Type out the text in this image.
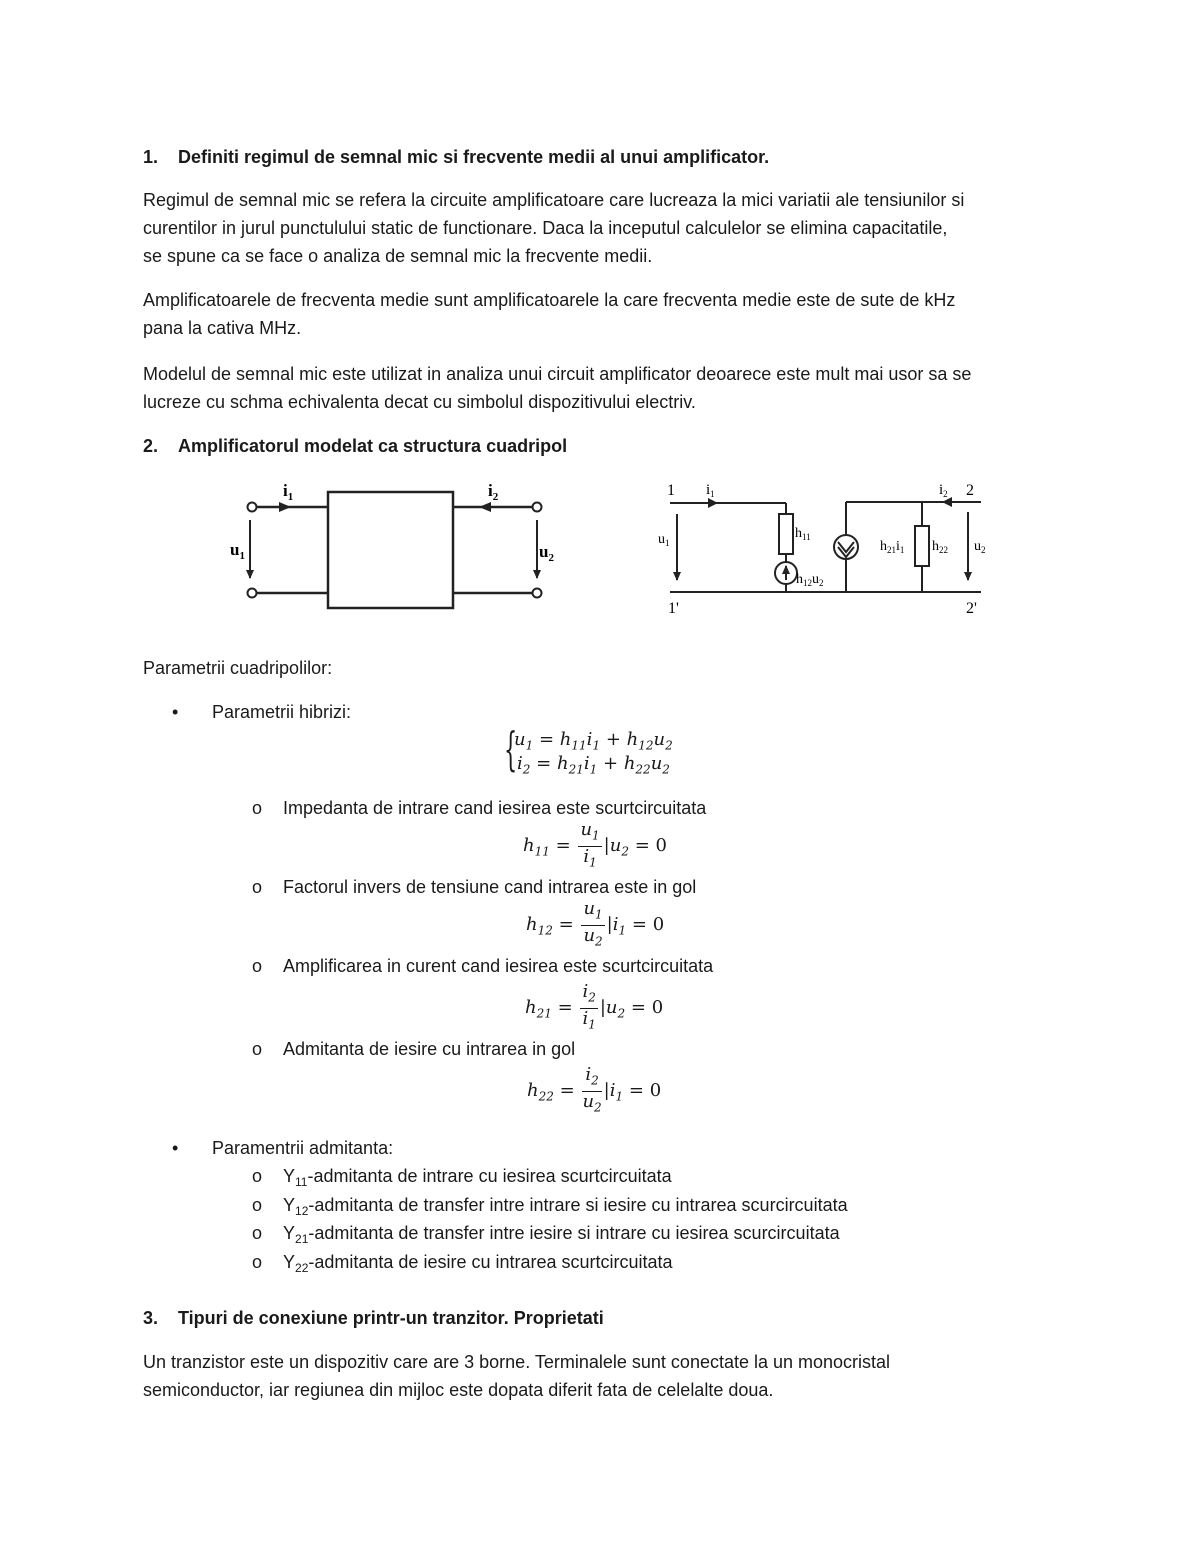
1. Definiti regimul de semnal mic si frecvente medii al unui amplificator.
Regimul de semnal mic se refera la circuite amplificatoare care lucreaza la mici variatii ale tensiunilor si
curentilor in jurul punctulului static de functionare. Daca la inceputul calculelor se elimina capacitatile,
se spune ca se face o analiza de semnal mic la frecvente medii.
Amplificatoarele de frecventa medie sunt amplificatoarele la care frecventa medie este de sute de kHz
pana la cativa MHz.
Modelul de semnal mic este utilizat in analiza unui circuit amplificator deoarece este mult mai usor sa se
lucreze cu schma echivalenta decat cu simbolul dispozitivului electriv.
2. Amplificatorul modelat ca structura cuadripol
$i_1$	$i_2$
$u_1$	$u_2$
1
1'
2
2'
$i_1$	$i_2$
$u_1$	$u_2$
$h_{11}$
$h_{12}u_2$
$h_{21}i_1$ $h_{22}$
Parametrii cuadripolilor:
• Parametrii hibrizi:
{
$u_1 = h_{11}i_1 + h_{12}u_2$
$i_2 = h_{21}i_1 + h_{22}u_2$
o Impedanta de intrare cand iesirea este scurtcircuitata
$h_{11} = \frac{u_1}{i_1} |u_2 = 0$
o Factorul invers de tensiune cand intrarea este in gol
$h_{12} = \frac{u_1}{u_2} |i_1 = 0$
o Amplificarea in curent cand iesirea este scurtcircuitata
$h_{21} = \frac{i_2}{i_1} |u_2 = 0$
o Admitanta de iesire cu intrarea in gol
$h_{22} = \frac{i_2}{u_2} |i_1 = 0$
• Paramentrii admitanta:
o $Y_{11}$-admitanta de intrare cu iesirea scurtcircuitata
o $Y_{12}$-admitanta de transfer intre intrare si iesire cu intrarea scurcircuitata
o $Y_{21}$-admitanta de transfer intre iesire si intrare cu iesirea scurcircuitata
o $Y_{22}$-admitanta de iesire cu intrarea scurtcircuitata
3. Tipuri de conexiune printr-un tranzitor. Proprietati
Un tranzistor este un dispozitiv care are 3 borne. Terminalele sunt conectate la un monocristal
semiconductor, iar regiunea din mijloc este dopata diferit fata de celelalte doua.
